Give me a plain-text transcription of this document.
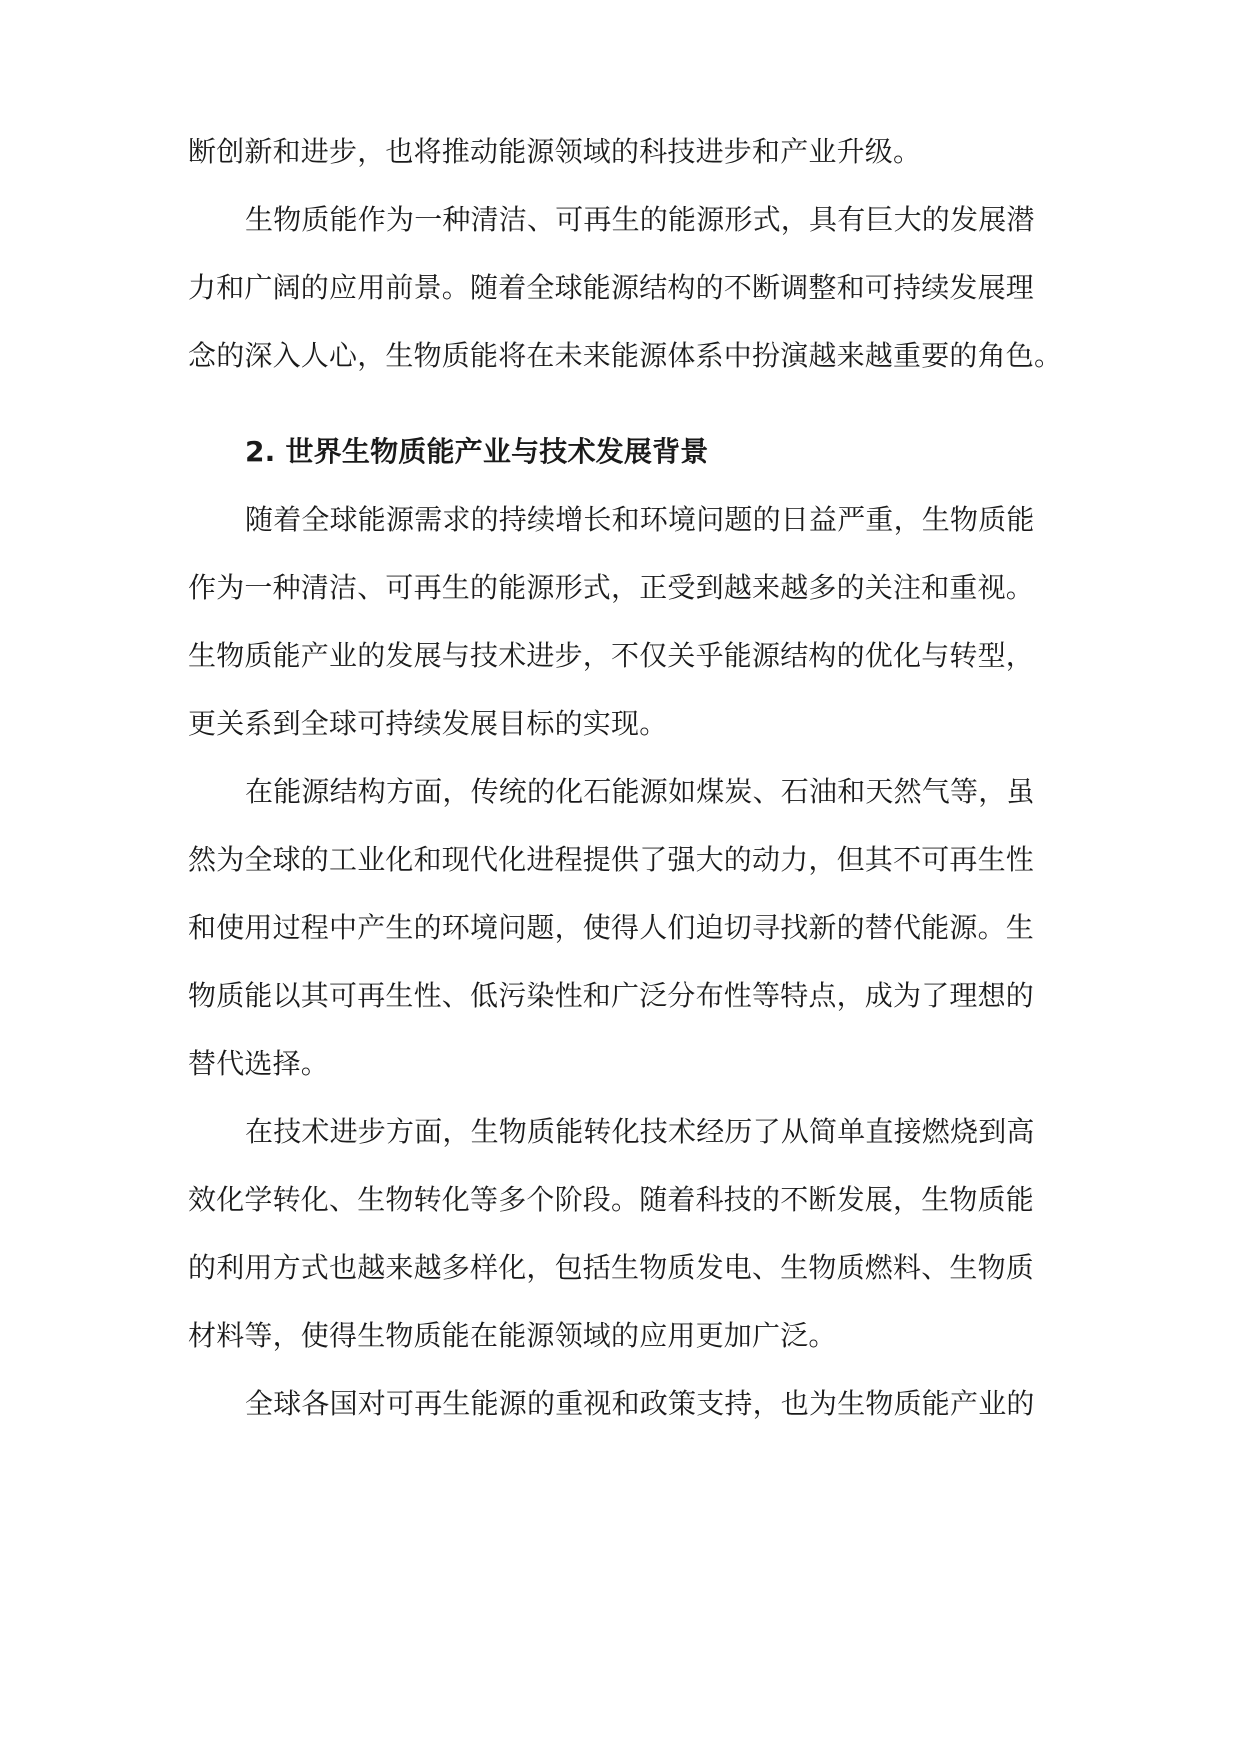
断创新和进步，也将推动能源领域的科技进步和产业升级。
生物质能作为一种清洁、可再生的能源形式，具有巨大的发展潜
力和广阔的应用前景。随着全球能源结构的不断调整和可持续发展理
念的深入人心，生物质能将在未来能源体系中扮演越来越重要的角色。
2. 世界生物质能产业与技术发展背景
随着全球能源需求的持续增长和环境问题的日益严重，生物质能
作为一种清洁、可再生的能源形式，正受到越来越多的关注和重视。
生物质能产业的发展与技术进步，不仅关乎能源结构的优化与转型，
更关系到全球可持续发展目标的实现。
在能源结构方面，传统的化石能源如煤炭、石油和天然气等，虽
然为全球的工业化和现代化进程提供了强大的动力，但其不可再生性
和使用过程中产生的环境问题，使得人们迫切寻找新的替代能源。生
物质能以其可再生性、低污染性和广泛分布性等特点，成为了理想的
替代选择。
在技术进步方面，生物质能转化技术经历了从简单直接燃烧到高
效化学转化、生物转化等多个阶段。随着科技的不断发展，生物质能
的利用方式也越来越多样化，包括生物质发电、生物质燃料、生物质
材料等，使得生物质能在能源领域的应用更加广泛。
全球各国对可再生能源的重视和政策支持，也为生物质能产业的
